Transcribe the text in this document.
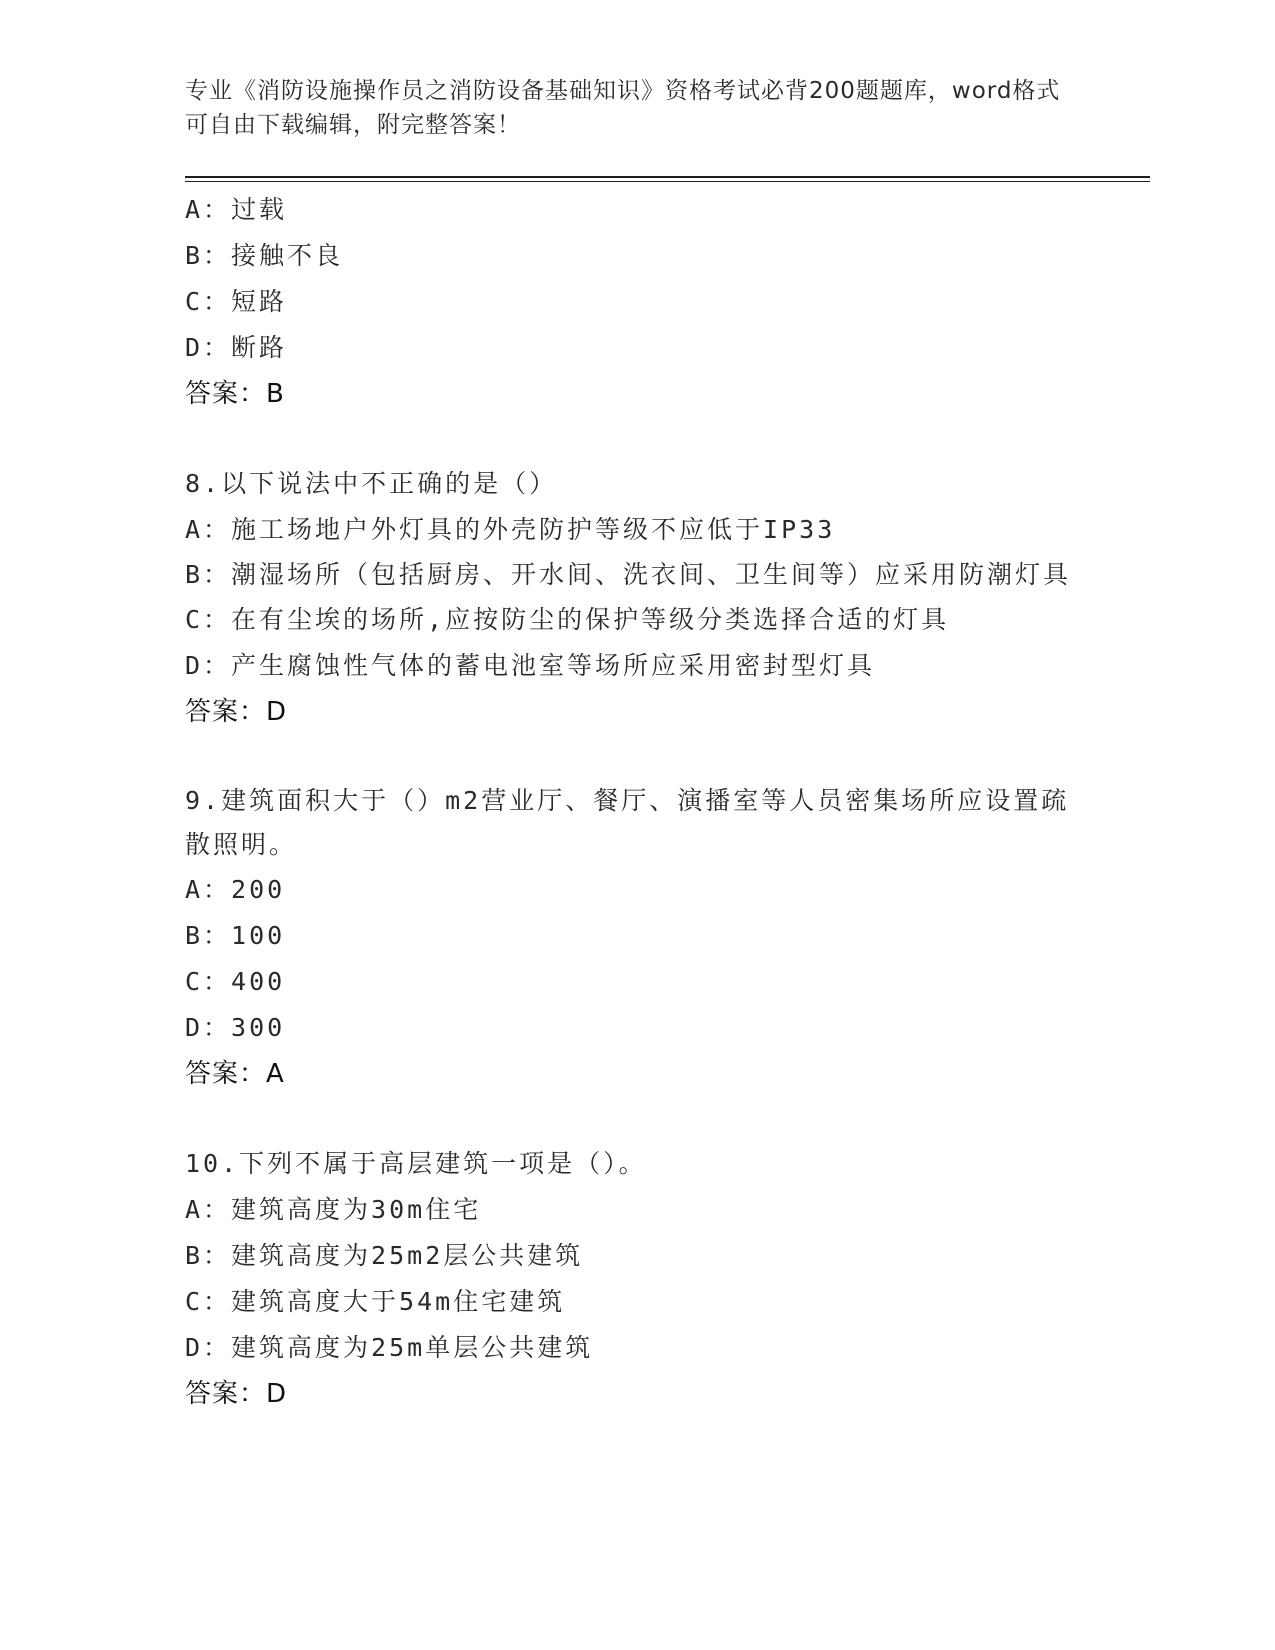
专业《消防设施操作员之消防设备基础知识》资格考试必背200题题库，word格式可自由下载编辑，附完整答案！
A：过载
B：接触不良
C：短路
D：断路
答案：B
8.以下说法中不正确的是（）
A：施工场地户外灯具的外壳防护等级不应低于IP33
B：潮湿场所（包括厨房、开水间、洗衣间、卫生间等）应采用防潮灯具
C：在有尘埃的场所,应按防尘的保护等级分类选择合适的灯具
D：产生腐蚀性气体的蓄电池室等场所应采用密封型灯具
答案：D
9.建筑面积大于（）m2营业厅、餐厅、演播室等人员密集场所应设置疏散照明。
A：200
B：100
C：400
D：300
答案：A
10.下列不属于高层建筑一项是（）。
A：建筑高度为30m住宅
B：建筑高度为25m2层公共建筑
C：建筑高度大于54m住宅建筑
D：建筑高度为25m单层公共建筑
答案：D
